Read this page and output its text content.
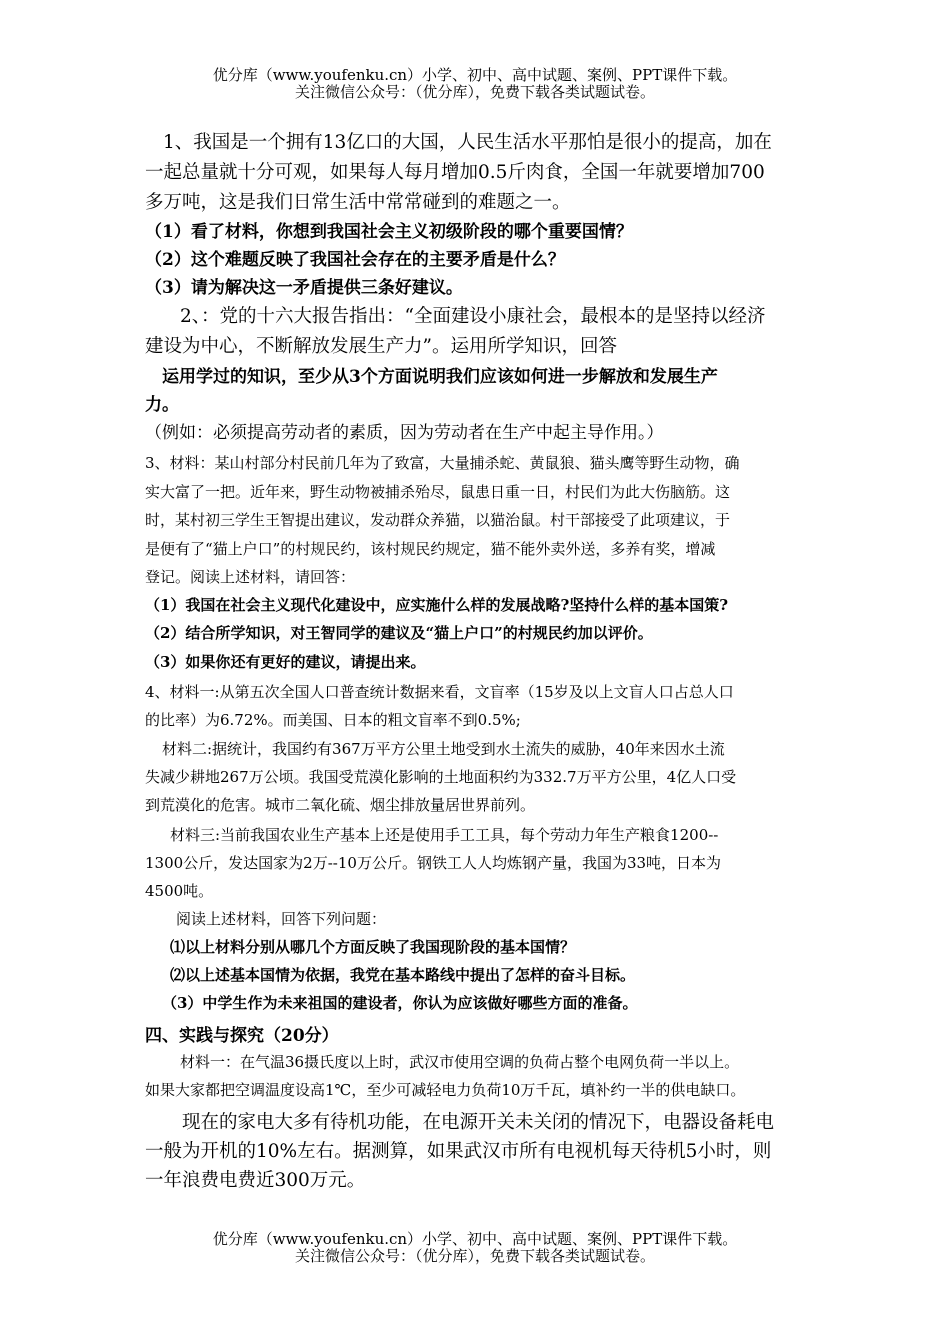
优分库（www.youfenku.cn）小学、初中、高中试题、案例、PPT课件下载。
关注微信公众号：（优分库），免费下载各类试题试卷。
1、我国是一个拥有13亿口的大国，人民生活水平那怕是很小的提高，加在
一起总量就十分可观，如果每人每月增加0.5斤肉食，全国一年就要增加700
多万吨，这是我们日常生活中常常碰到的难题之一。
（1）看了材料，你想到我国社会主义初级阶段的哪个重要国情？
（2）这个难题反映了我国社会存在的主要矛盾是什么？
（3）请为解决这一矛盾提供三条好建议。
2、：党的十六大报告指出：“全面建设小康社会，最根本的是坚持以经济
建设为中心，不断解放发展生产力”。运用所学知识，回答
运用学过的知识，至少从3个方面说明我们应该如何进一步解放和发展生产
力。
（例如：必须提高劳动者的素质，因为劳动者在生产中起主导作用。）
3、材料：某山村部分村民前几年为了致富，大量捕杀蛇、黄鼠狼、猫头鹰等野生动物，确
实大富了一把。近年来，野生动物被捕杀殆尽，鼠患日重一日，村民们为此大伤脑筋。这
时，某村初三学生王智提出建议，发动群众养猫，以猫治鼠。村干部接受了此项建议，于
是便有了“猫上户口”的村规民约，该村规民约规定，猫不能外卖外送，多养有奖，增减
登记。阅读上述材料，请回答：
（1）我国在社会主义现代化建设中，应实施什么样的发展战略?坚持什么样的基本国策?
（2）结合所学知识，对王智同学的建议及“猫上户口”的村规民约加以评价。
（3）如果你还有更好的建议，请提出来。
4、材料一:从第五次全国人口普查统计数据来看，文盲率（15岁及以上文盲人口占总人口
的比率）为6.72%。而美国、日本的粗文盲率不到0.5%;
材料二:据统计，我国约有367万平方公里土地受到水土流失的威胁，40年来因水土流
失减少耕地267万公顷。我国受荒漠化影响的土地面积约为332.7万平方公里，4亿人口受
到荒漠化的危害。城市二氧化硫、烟尘排放量居世界前列。
材料三:当前我国农业生产基本上还是使用手工工具，每个劳动力年生产粮食1200--
1300公斤，发达国家为2万--10万公斤。钢铁工人人均炼钢产量，我国为33吨，日本为
4500吨。
阅读上述材料，回答下列问题：
⑴以上材料分别从哪几个方面反映了我国现阶段的基本国情？
⑵以上述基本国情为依据，我党在基本路线中提出了怎样的奋斗目标。
（3）中学生作为未来祖国的建设者，你认为应该做好哪些方面的准备。
四、实践与探究（20分）
材料一：在气温36摄氏度以上时，武汉市使用空调的负荷占整个电网负荷一半以上。
如果大家都把空调温度设高1℃，至少可减轻电力负荷10万千瓦，填补约一半的供电缺口。
现在的家电大多有待机功能，在电源开关未关闭的情况下，电器设备耗电
一般为开机的10%左右。据测算，如果武汉市所有电视机每天待机5小时，则
一年浪费电费近300万元。
优分库（www.youfenku.cn）小学、初中、高中试题、案例、PPT课件下载。
关注微信公众号：（优分库），免费下载各类试题试卷。
